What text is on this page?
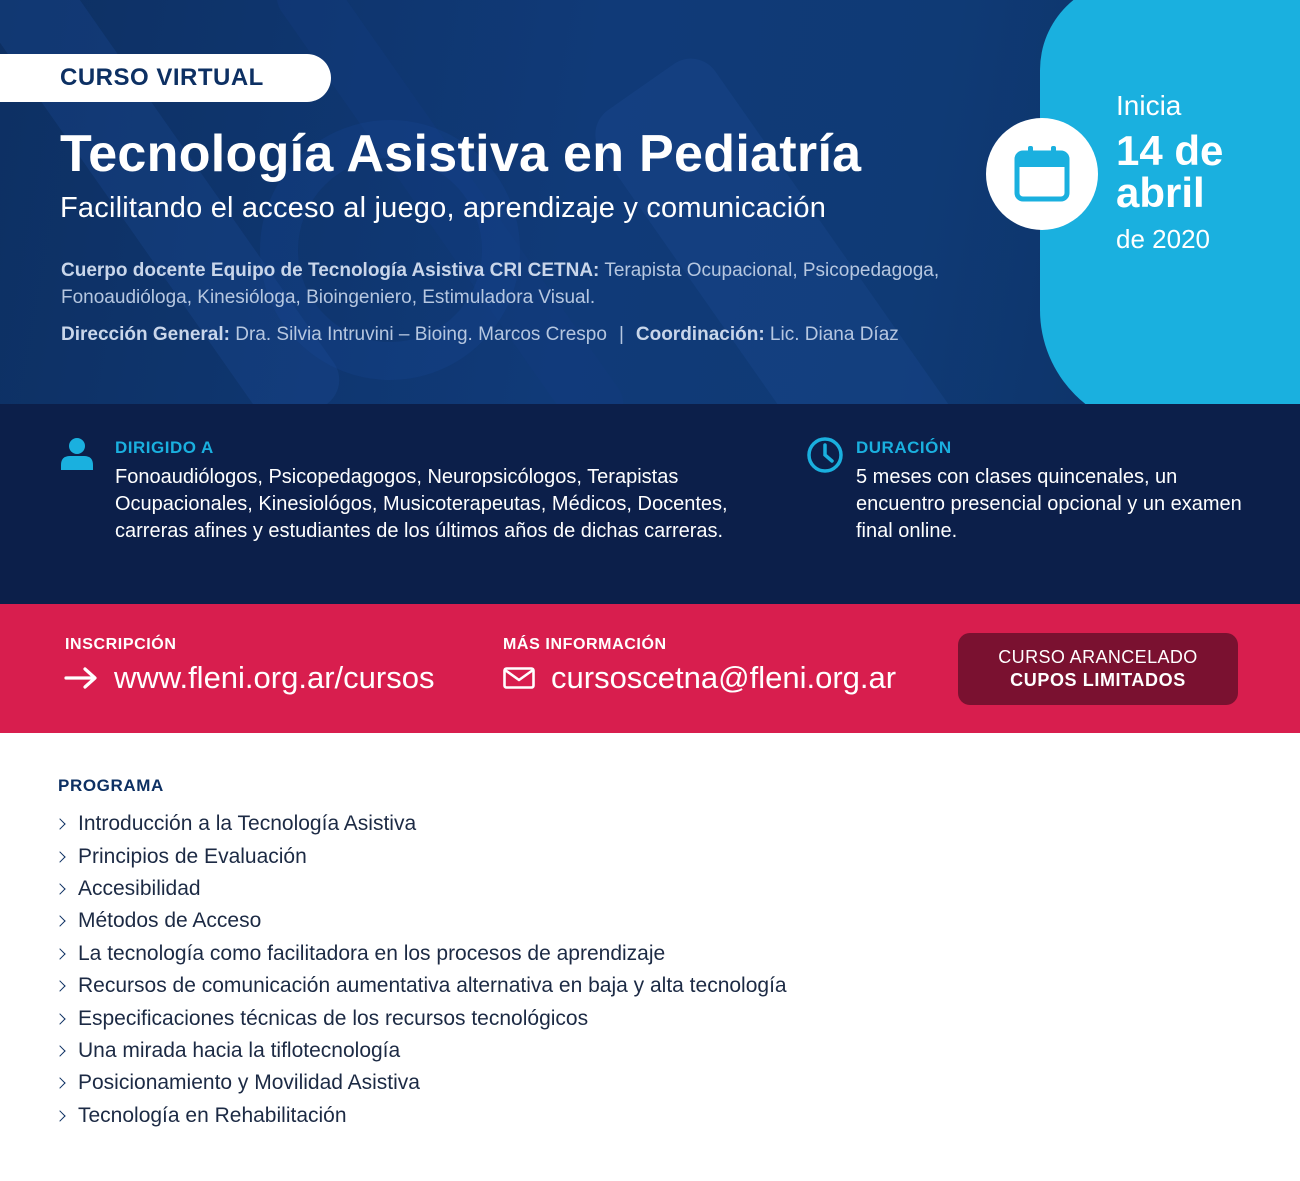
CURSO VIRTUAL
Tecnología Asistiva en Pediatría
Facilitando el acceso al juego, aprendizaje y comunicación
Cuerpo docente Equipo de Tecnología Asistiva CRI CETNA: Terapista Ocupacional, Psicopedagoga, Fonoaudióloga, Kinesióloga, Bioingeniero, Estimuladora Visual.
Dirección General: Dra. Silvia Intruvini – Bioing. Marcos Crespo | Coordinación: Lic. Diana Díaz
Inicia
14 de
abril
de 2020
DIRIGIDO A
Fonoaudiólogos, Psicopedagogos, Neuropsicólogos, Terapistas Ocupacionales, Kinesiológos, Musicoterapeutas, Médicos, Docentes, carreras afines y estudiantes de los últimos años de dichas carreras.
DURACIÓN
5 meses con clases quincenales, un encuentro presencial opcional y un examen final online.
INSCRIPCIÓN
www.fleni.org.ar/cursos
MÁS INFORMACIÓN
cursoscetna@fleni.org.ar
CURSO ARANCELADO
CUPOS LIMITADOS
PROGRAMA
Introducción a la Tecnología Asistiva
Principios de Evaluación
Accesibilidad
Métodos de Acceso
La tecnología como facilitadora en los procesos de aprendizaje
Recursos de comunicación aumentativa alternativa en baja y alta tecnología
Especificaciones técnicas de los recursos tecnológicos
Una mirada hacia la tiflotecnología
Posicionamiento y Movilidad Asistiva
Tecnología en Rehabilitación
